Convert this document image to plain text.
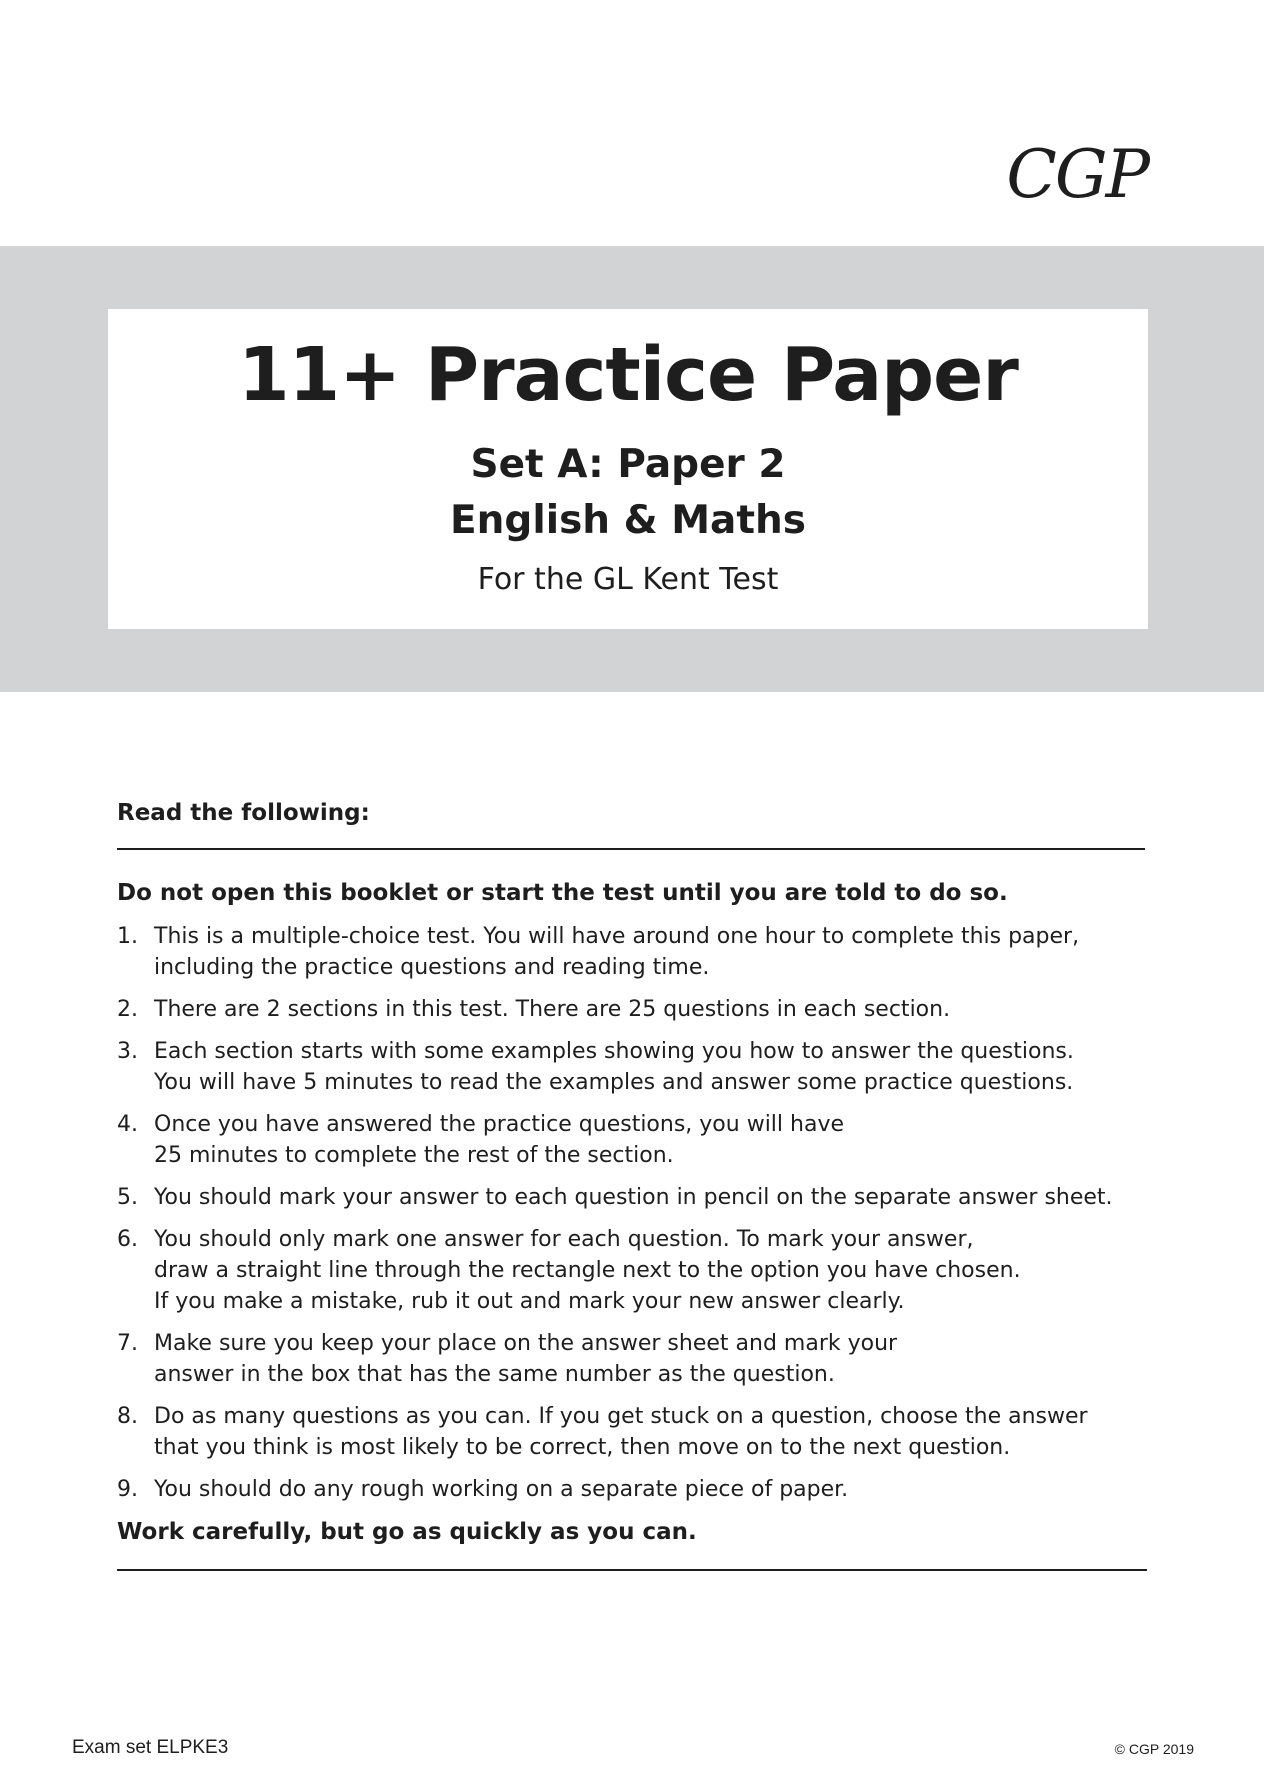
CGP
11+ Practice Paper
Set A: Paper 2
English & Maths

For the GL Kent Test

Read the following:

Do not open this booklet or start the test until you are told to do so.

1. This is a multiple-choice test. You will have around one hour to complete this paper,
including the practice questions and reading time.
2. There are 2 sections in this test. There are 25 questions in each section.
3. Each section starts with some examples showing you how to answer the questions.
You will have 5 minutes to read the examples and answer some practice questions.
4. Once you have answered the practice questions, you will have
25 minutes to complete the rest of the section.
5. You should mark your answer to each question in pencil on the separate answer sheet.
6. You should only mark one answer for each question. To mark your answer,
draw a straight line through the rectangle next to the option you have chosen.
If you make a mistake, rub it out and mark your new answer clearly.
7. Make sure you keep your place on the answer sheet and mark your
answer in the box that has the same number as the question.
8. Do as many questions as you can. If you get stuck on a question, choose the answer
that you think is most likely to be correct, then move on to the next question.
9. You should do any rough working on a separate piece of paper.

Work carefully, but go as quickly as you can.

Exam set ELPKE3	© CGP 2019
